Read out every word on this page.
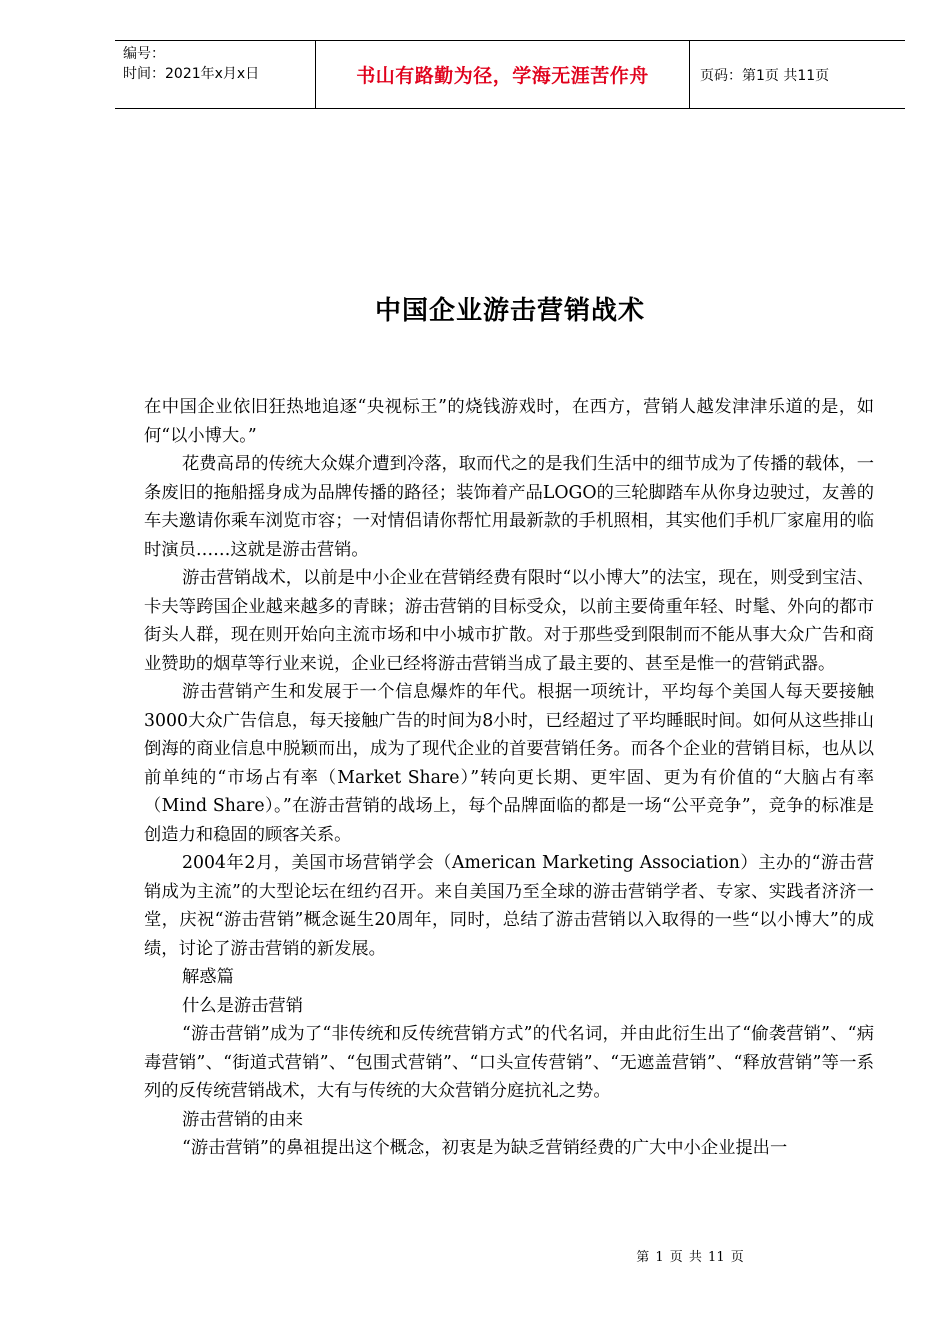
编号：
时间：2021年x月x日	书山有路勤为径，学海无涯苦作舟	页码：第1页 共11页
中国企业游击营销战术

在中国企业依旧狂热地追逐“央视标王”的烧钱游戏时，在西方，营销人越发津津乐道的是，如何“以小博大。”

花费高昂的传统大众媒介遭到冷落，取而代之的是我们生活中的细节成为了传播的载体，一条废旧的拖船摇身成为品牌传播的路径；装饰着产品LOGO的三轮脚踏车从你身边驶过，友善的车夫邀请你乘车浏览市容；一对情侣请你帮忙用最新款的手机照相，其实他们手机厂家雇用的临时演员……这就是游击营销。

游击营销战术，以前是中小企业在营销经费有限时“以小博大”的法宝，现在，则受到宝洁、卡夫等跨国企业越来越多的青睐；游击营销的目标受众，以前主要倚重年轻、时髦、外向的都市街头人群，现在则开始向主流市场和中小城市扩散。对于那些受到限制而不能从事大众广告和商业赞助的烟草等行业来说，企业已经将游击营销当成了最主要的、甚至是惟一的营销武器。

游击营销产生和发展于一个信息爆炸的年代。根据一项统计，平均每个美国人每天要接触3000大众广告信息，每天接触广告的时间为8小时，已经超过了平均睡眠时间。如何从这些排山倒海的商业信息中脱颖而出，成为了现代企业的首要营销任务。而各个企业的营销目标，也从以前单纯的“市场占有率（Market Share）”转向更长期、更牢固、更为有价值的“大脑占有率（Mind Share）。”在游击营销的战场上，每个品牌面临的都是一场“公平竞争”，竞争的标准是创造力和稳固的顾客关系。

2004年2月，美国市场营销学会（American Marketing Association）主办的“游击营销成为主流”的大型论坛在纽约召开。来自美国乃至全球的游击营销学者、专家、实践者济济一堂，庆祝“游击营销”概念诞生20周年，同时，总结了游击营销以入取得的一些“以小博大”的成绩，讨论了游击营销的新发展。

解惑篇

什么是游击营销

“游击营销”成为了“非传统和反传统营销方式”的代名词，并由此衍生出了“偷袭营销”、“病毒营销”、“街道式营销”、“包围式营销”、“口头宣传营销”、“无遮盖营销”、“释放营销”等一系列的反传统营销战术，大有与传统的大众营销分庭抗礼之势。

游击营销的由来

“游击营销”的鼻祖提出这个概念，初衷是为缺乏营销经费的广大中小企业提出一

第 1 页 共 11 页
